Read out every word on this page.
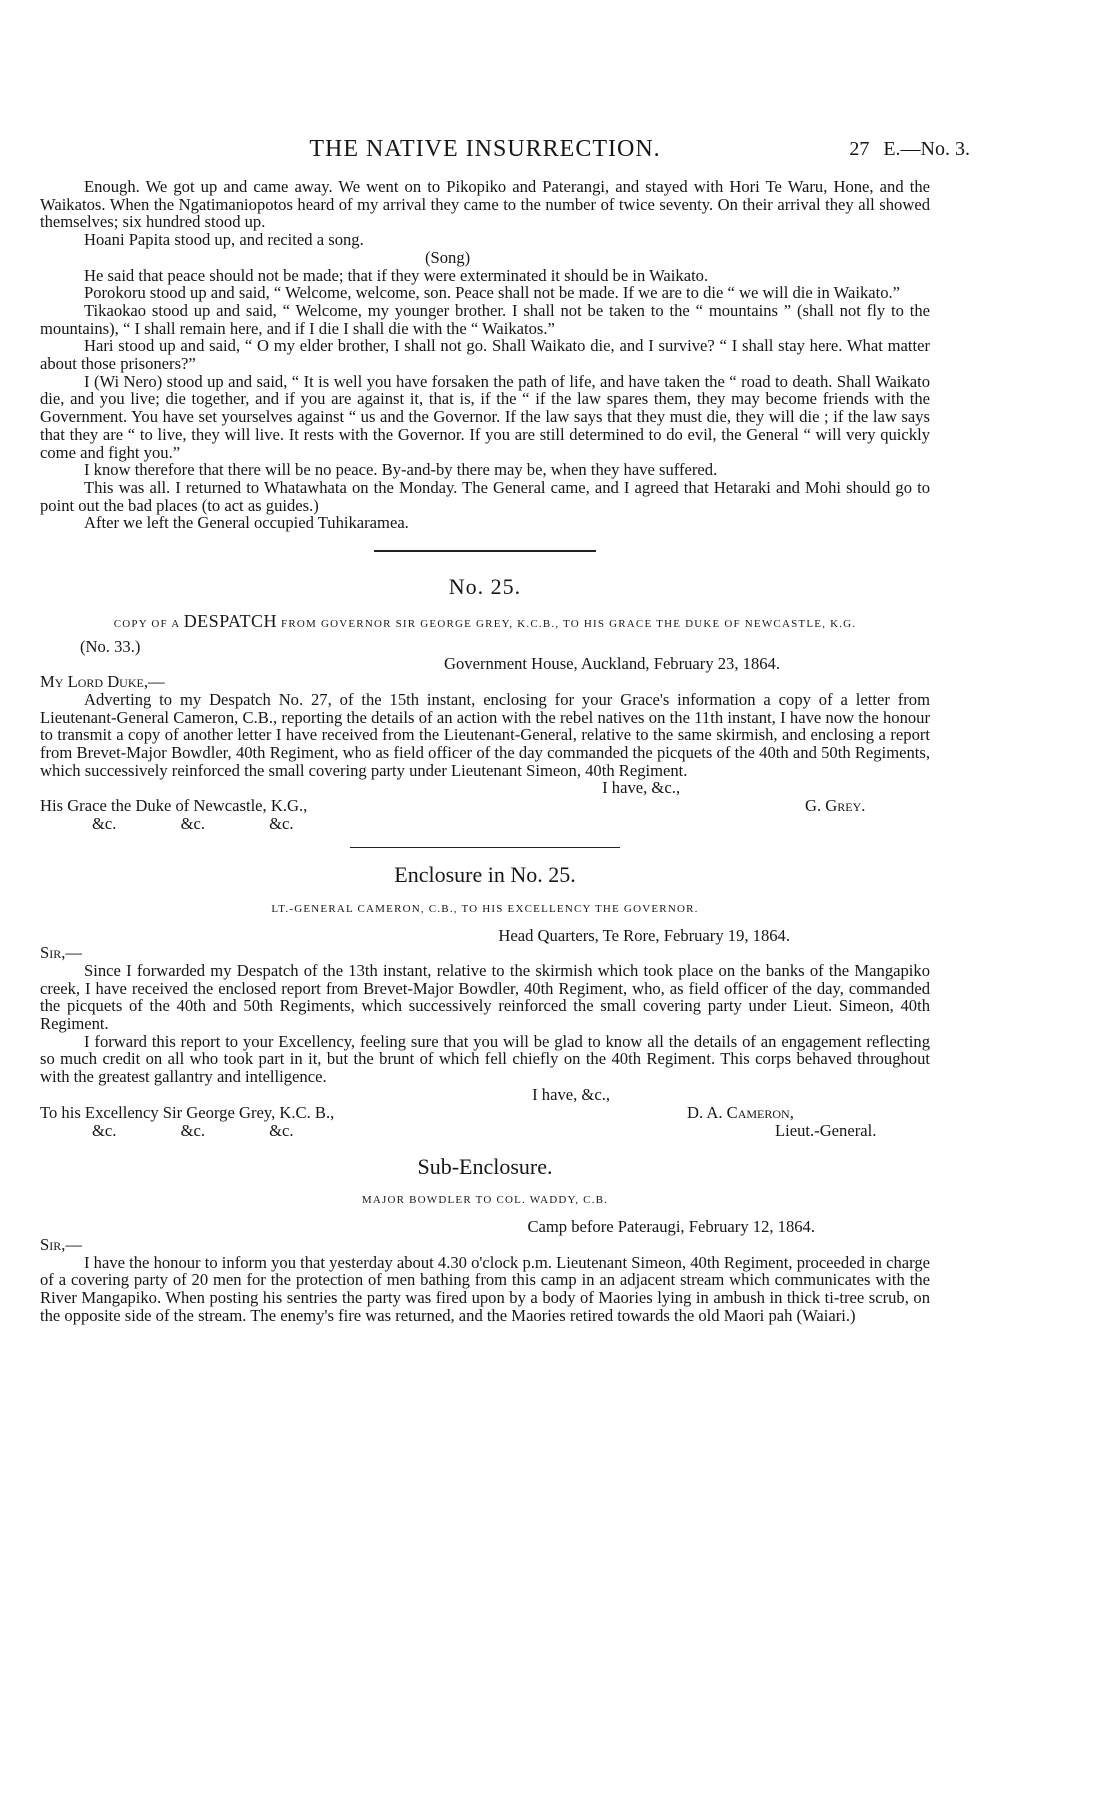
THE NATIVE INSURRECTION.	27 E.—No. 3.

Enough. We got up and came away. We went on to Pikopiko and Paterangi, and stayed with Hori Te Waru, Hone, and the Waikatos. When the Ngatimaniopotos heard of my arrival they came to the number of twice seventy. On their arrival they all showed themselves; six hundred stood up.

Hoani Papita stood up, and recited a song.

(Song)

He said that peace should not be made; that if they were exterminated it should be in Waikato.

Porokoru stood up and said, “ Welcome, welcome, son. Peace shall not be made. If we are to die “ we will die in Waikato.”

Tikaokao stood up and said, “ Welcome, my younger brother. I shall not be taken to the “ mountains ” (shall not fly to the mountains), “ I shall remain here, and if I die I shall die with the “ Waikatos.”

Hari stood up and said, “ O my elder brother, I shall not go. Shall Waikato die, and I survive? “ I shall stay here. What matter about those prisoners?”

I (Wi Nero) stood up and said, “ It is well you have forsaken the path of life, and have taken the “ road to death. Shall Waikato die, and you live; die together, and if you are against it, that is, if the “ if the law spares them, they may become friends with the Government. You have set yourselves against “ us and the Governor. If the law says that they must die, they will die ; if the law says that they are “ to live, they will live. It rests with the Governor. If you are still determined to do evil, the General “ will very quickly come and fight you.”

I know therefore that there will be no peace. By-and-by there may be, when they have suffered.

This was all. I returned to Whatawhata on the Monday. The General came, and I agreed that Hetaraki and Mohi should go to point out the bad places (to act as guides.)

After we left the General occupied Tuhikaramea.

No. 25.
COPY OF A DESPATCH FROM GOVERNOR SIR GEORGE GREY, K.C.B., TO HIS GRACE THE DUKE OF NEWCASTLE, K.G.

(No. 33.)

Government House, Auckland, February 23, 1864.

My Lord Duke,—

Adverting to my Despatch No. 27, of the 15th instant, enclosing for your Grace's information a copy of a letter from Lieutenant-General Cameron, C.B., reporting the details of an action with the rebel natives on the 11th instant, I have now the honour to transmit a copy of another letter I have received from the Lieutenant-General, relative to the same skirmish, and enclosing a report from Brevet-Major Bowdler, 40th Regiment, who as field officer of the day commanded the picquets of the 40th and 50th Regiments, which successively reinforced the small covering party under Lieutenant Simeon, 40th Regiment.

I have, &c.,

His Grace the Duke of Newcastle, K.G.,	G. Grey.

&c. &c. &c.

Enclosure in No. 25.
LT.-GENERAL CAMERON, C.B., TO HIS EXCELLENCY THE GOVERNOR.

Head Quarters, Te Rore, February 19, 1864.

Sir,—

Since I forwarded my Despatch of the 13th instant, relative to the skirmish which took place on the banks of the Mangapiko creek, I have received the enclosed report from Brevet-Major Bowdler, 40th Regiment, who, as field officer of the day, commanded the picquets of the 40th and 50th Regiments, which successively reinforced the small covering party under Lieut. Simeon, 40th Regiment.

I forward this report to your Excellency, feeling sure that you will be glad to know all the details of an engagement reflecting so much credit on all who took part in it, but the brunt of which fell chiefly on the 40th Regiment. This corps behaved throughout with the greatest gallantry and intelligence.

I have, &c.,

To his Excellency Sir George Grey, K.C. B.,	D. A. Cameron,
&c. &c. &c.	Lieut.-General.
Sub-Enclosure.
MAJOR BOWDLER TO COL. WADDY, C.B.

Camp before Pateraugi, February 12, 1864.

Sir,—

I have the honour to inform you that yesterday about 4.30 o'clock p.m. Lieutenant Simeon, 40th Regiment, proceeded in charge of a covering party of 20 men for the protection of men bathing from this camp in an adjacent stream which communicates with the River Mangapiko. When posting his sentries the party was fired upon by a body of Maories lying in ambush in thick ti-tree scrub, on the opposite side of the stream. The enemy's fire was returned, and the Maories retired towards the old Maori pah (Waiari.)
